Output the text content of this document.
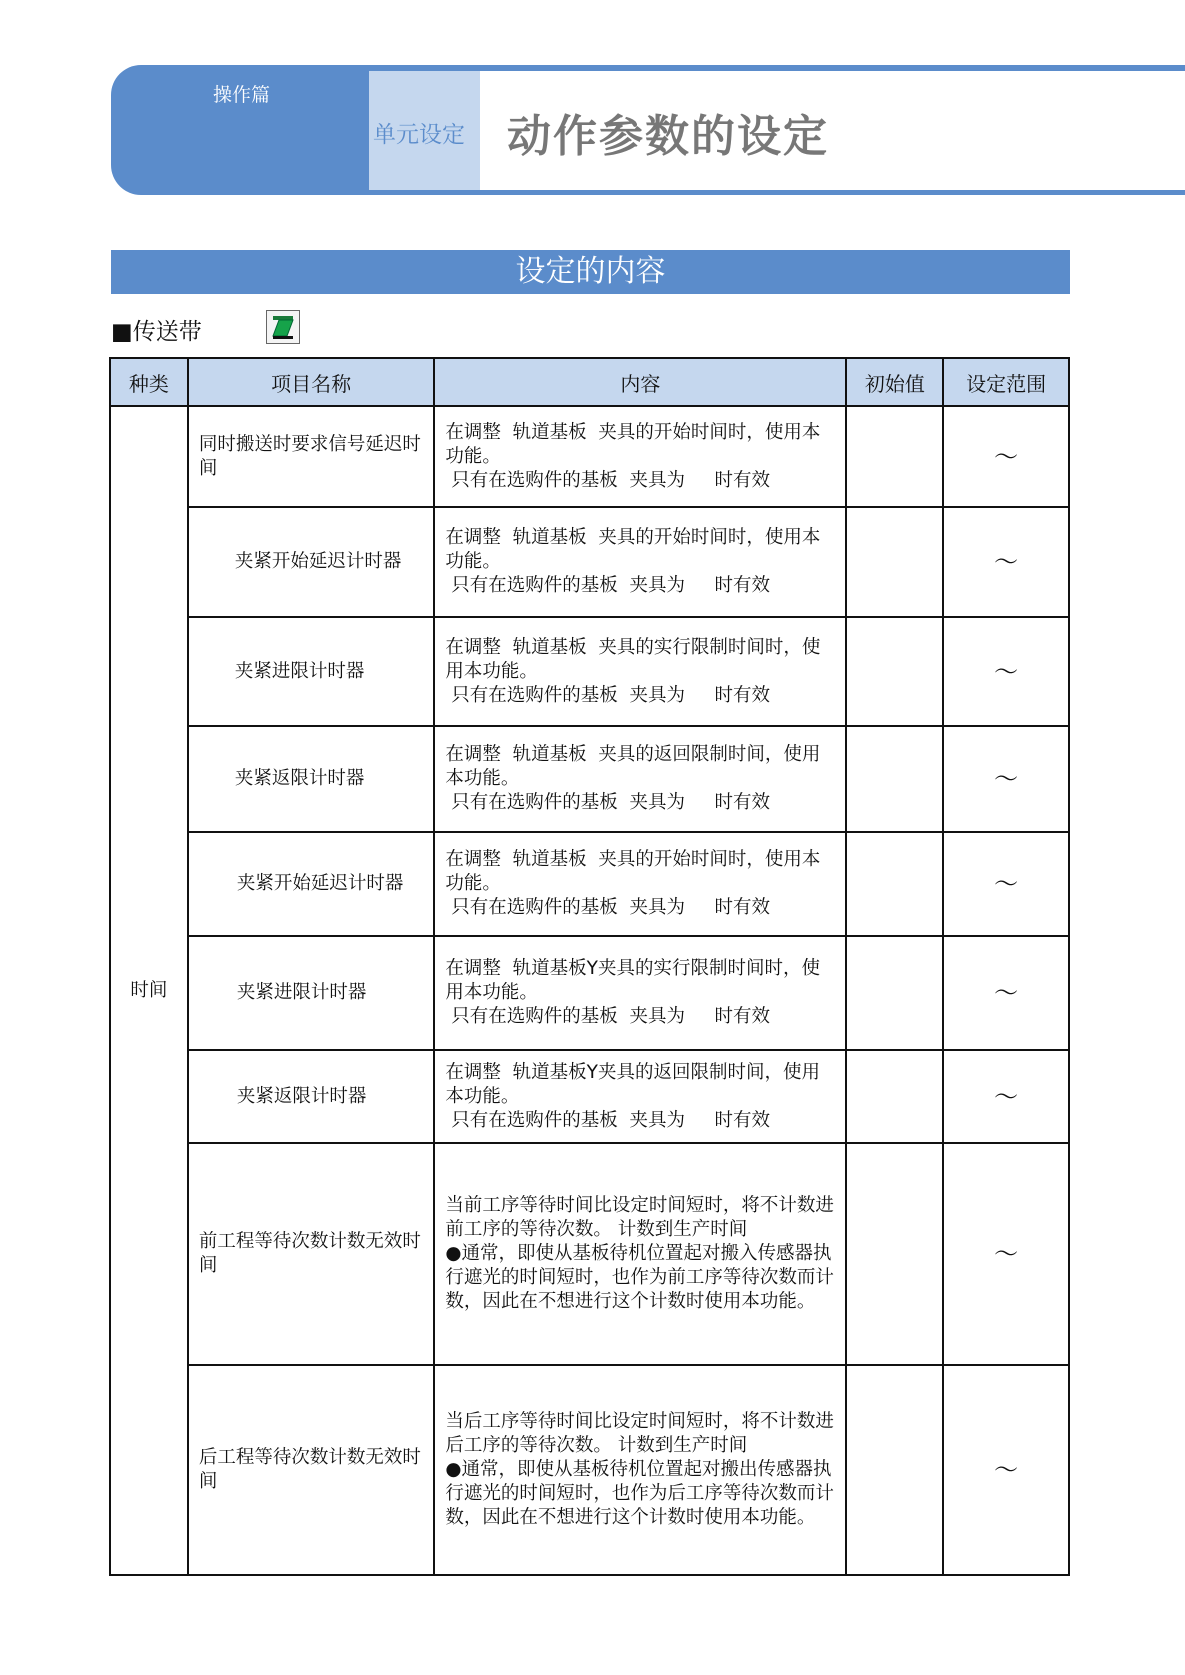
操作篇
单元设定 动作参数的设定
设定的内容
■传送带
种类	项目名称	内容	初始值	设定范围
时间	同时搬送时要求信号延迟时间	在调整  轨道基板  夹具的开始时间时，使用本功能。
只有在选购件的基板  夹具为     时有效		～
	夹紧开始延迟计时器	在调整  轨道基板  夹具的开始时间时，使用本功能。
只有在选购件的基板  夹具为     时有效		～
	夹紧进限计时器	在调整  轨道基板  夹具的实行限制时间时，使用本功能。
只有在选购件的基板  夹具为     时有效		～
	夹紧返限计时器	在调整  轨道基板  夹具的返回限制时间，使用本功能。
只有在选购件的基板  夹具为     时有效		～
	夹紧开始延迟计时器	在调整  轨道基板  夹具的开始时间时，使用本功能。
只有在选购件的基板  夹具为     时有效		～
	夹紧进限计时器	在调整  轨道基板Y夹具的实行限制时间时，使用本功能。
只有在选购件的基板  夹具为     时有效		～
	夹紧返限计时器	在调整  轨道基板Y夹具的返回限制时间，使用本功能。
只有在选购件的基板  夹具为     时有效		～
	前工程等待次数计数无效时间	当前工序等待时间比设定时间短时，将不计数进前工序的等待次数。 计数到生产时间
●通常，即使从基板待机位置起对搬入传感器执行遮光的时间短时，也作为前工序等待次数而计数，因此在不想进行这个计数时使用本功能。		～
	后工程等待次数计数无效时间	当后工序等待时间比设定时间短时，将不计数进后工序的等待次数。 计数到生产时间
●通常，即使从基板待机位置起对搬出传感器执行遮光的时间短时，也作为后工序等待次数而计数，因此在不想进行这个计数时使用本功能。		～
